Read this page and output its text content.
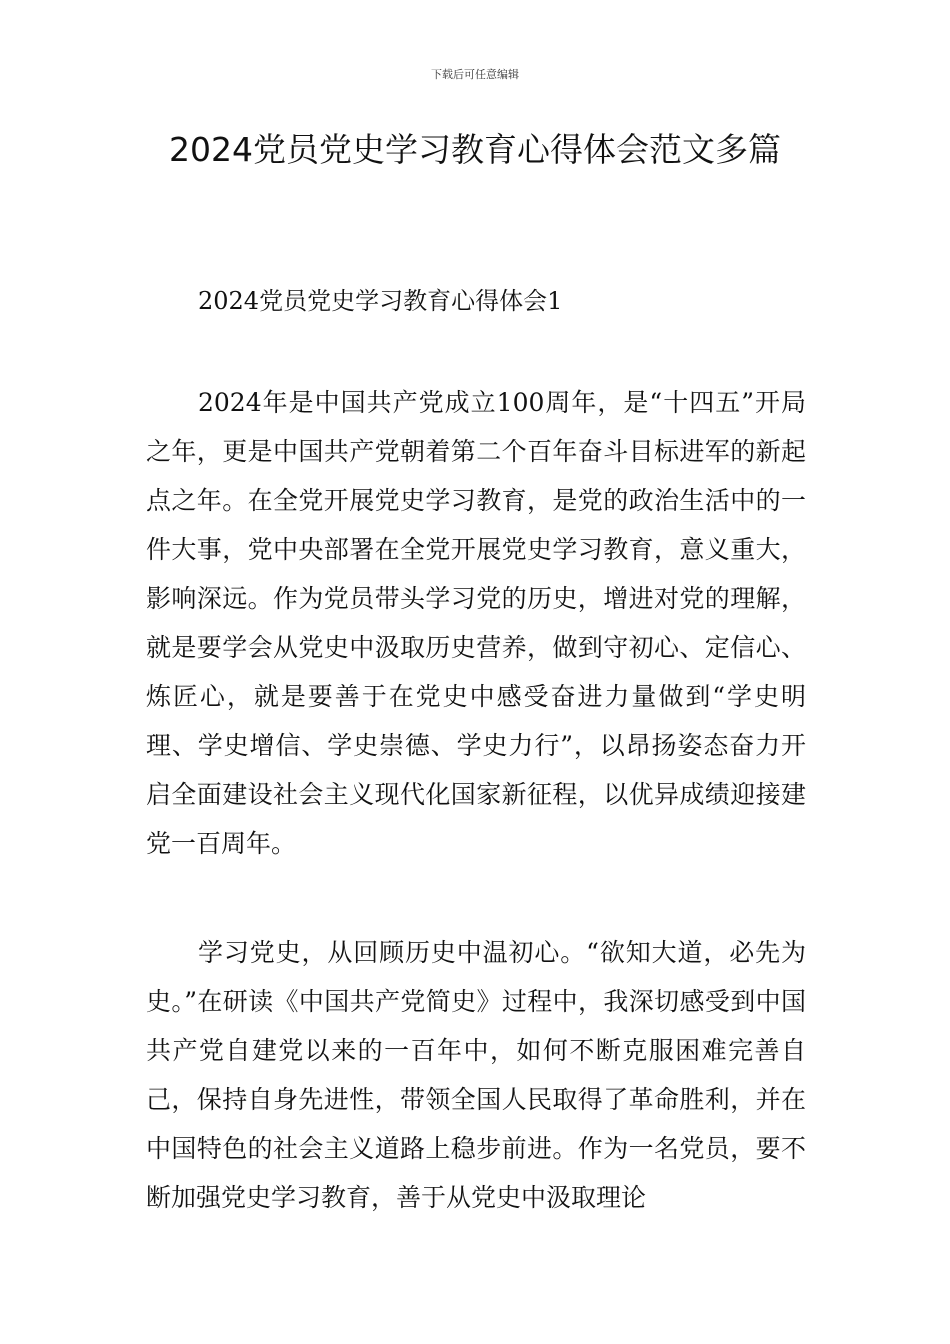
下载后可任意编辑
2024党员党史学习教育心得体会范文多篇

2024党员党史学习教育心得体会1

2024年是中国共产党成立100周年，是“十四五”开局之年，更是中国共产党朝着第二个百年奋斗目标进军的新起点之年。在全党开展党史学习教育，是党的政治生活中的一件大事，党中央部署在全党开展党史学习教育，意义重大，影响深远。作为党员带头学习党的历史，增进对党的理解，就是要学会从党史中汲取历史营养，做到守初心、定信心、炼匠心，就是要善于在党史中感受奋进力量做到“学史明理、学史增信、学史崇德、学史力行”，以昂扬姿态奋力开启全面建设社会主义现代化国家新征程，以优异成绩迎接建党一百周年。

学习党史，从回顾历史中温初心。“欲知大道，必先为史。”在研读《中国共产党简史》过程中，我深切感受到中国共产党自建党以来的一百年中，如何不断克服困难完善自己，保持自身先进性，带领全国人民取得了革命胜利，并在中国特色的社会主义道路上稳步前进。作为一名党员，要不断加强党史学习教育，善于从党史中汲取理论
